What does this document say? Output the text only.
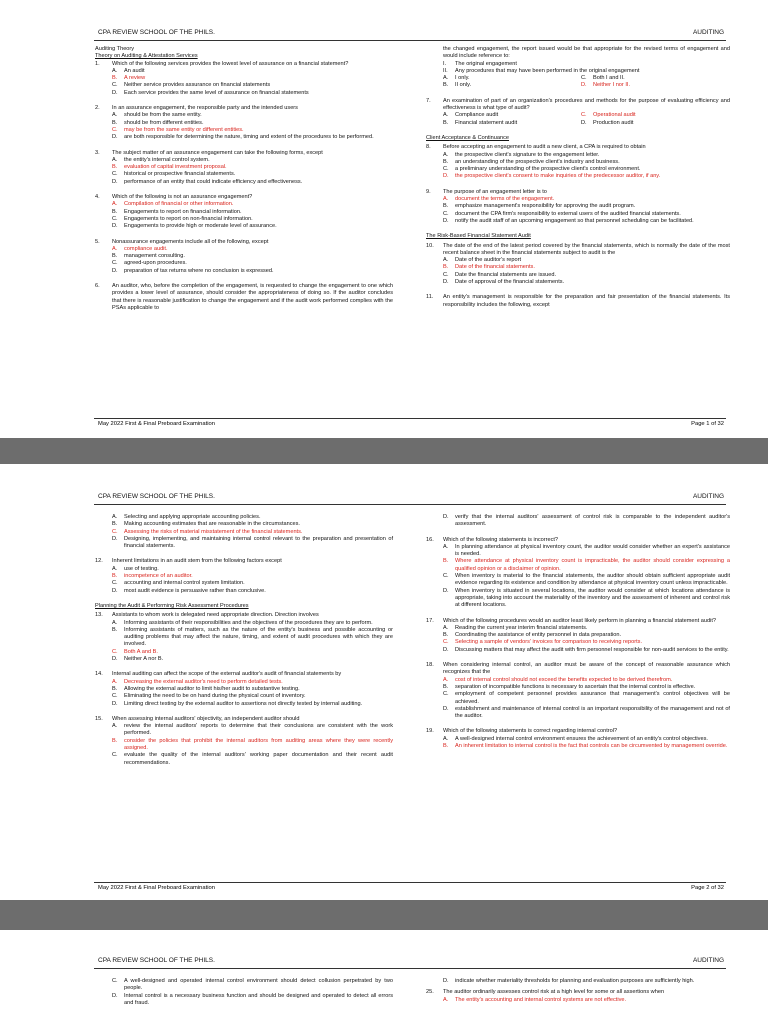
CPA REVIEW SCHOOL OF THE PHILS.	AUDITING
Auditing Theory
Theory on Auditing & Attestation Services
1.	Which of the following services provides the lowest level of assurance on a financial statement?
A.	An audit
B.	A review
C.	Neither service provides assurance on financial statements
D.	Each service provides the same level of assurance on financial statements
2.	In an assurance engagement, the responsible party and the intended users
A.	should be from the same entity.
B.	should be from different entities.
C.	may be from the same entity or different entities.
D.	are both responsible for determining the nature, timing and extent of the procedures to be performed.
3.	The subject matter of an assurance engagement can take the following forms, except
A.	the entity's internal control system.
B.	evaluation of capital investment proposal.
C.	historical or prospective financial statements.
D.	performance of an entity that could indicate efficiency and effectiveness.
4.	Which of the following is not an assurance engagement?
A.	Compilation of financial or other information.
B.	Engagements to report on financial information.
C.	Engagements to report on non-financial information.
D.	Engagements to provide high or moderate level of assurance.
5.	Nonassurance engagements include all of the following, except
A.	compliance audit.
B.	management consulting.
C.	agreed-upon procedures.
D.	preparation of tax returns where no conclusion is expressed.
6.	An auditor, who, before the completion of the engagement, is requested to change the engagement to one which provides a lower level of assurance, should consider the appropriateness of doing so. If the auditor concludes that there is reasonable justification to change the engagement and if the audit work performed complies with the PSAs applicable to
the changed engagement, the report issued would be that appropriate for the revised terms of engagement and would include reference to:
I.	The original engagement
II.	Any procedures that may have been performed in the original engagement
A.	I only.	C.	Both I and II.
B.	II only.	D.	Neither I nor II.
7.	An examination of part of an organization's procedures and methods for the purpose of evaluating efficiency and effectiveness is what type of audit?
A.	Compliance audit	C.	Operational audit
B.	Financial statement audit	D.	Production audit
Client Acceptance & Continuance
8.	Before accepting an engagement to audit a new client, a CPA is required to obtain
A.	the prospective client's signature to the engagement letter.
B.	an understanding of the prospective client's industry and business.
C.	a preliminary understanding of the prospective client's control environment.
D.	the prospective client's consent to make inquiries of the predecessor auditor, if any.
9.	The purpose of an engagement letter is to
A.	document the terms of the engagement.
B.	emphasize management's responsibility for approving the audit program.
C.	document the CPA firm's responsibility to external users of the audited financial statements.
D.	notify the audit staff of an upcoming engagement so that personnel scheduling can be facilitated.
The Risk-Based Financial Statement Audit
10.	The date of the end of the latest period covered by the financial statements, which is normally the date of the most recent balance sheet in the financial statements subject to audit is the
A.	Date of the auditor's report
B.	Date of the financial statements.
C.	Date the financial statements are issued.
D.	Date of approval of the financial statements.
11.	An entity's management is responsible for the preparation and fair presentation of the financial statements. Its responsibility includes the following, except
May 2022 First & Final Preboard Examination	Page 1 of 32
CPA REVIEW SCHOOL OF THE PHILS.	AUDITING
A.	Selecting and applying appropriate accounting policies.
B.	Making accounting estimates that are reasonable in the circumstances.
C.	Assessing the risks of material misstatement of the financial statements.
D.	Designing, implementing, and maintaining internal control relevant to the preparation and presentation of financial statements.
12.	Inherent limitations in an audit stem from the following factors except
A.	use of testing.
B.	incompetence of an auditor.
C.	accounting and internal control system limitation.
D.	most audit evidence is persuasive rather than conclusive.
Planning the Audit & Performing Risk Assessment Procedures
13.	Assistants to whom work is delegated need appropriate direction. Direction involves
A.	Informing assistants of their responsibilities and the objectives of the procedures they are to perform.
B.	Informing assistants of matters, such as the nature of the entity's business and possible accounting or auditing problems that may affect the nature, timing, and extent of audit procedures with which they are involved.
C.	Both A and B.
D.	Neither A nor B.
14.	Internal auditing can affect the scope of the external auditor's audit of financial statements by
A.	Decreasing the external auditor's need to perform detailed tests.
B.	Allowing the external auditor to limit his/her audit to substantive testing.
C.	Eliminating the need to be on hand during the physical count of inventory.
D.	Limiting direct testing by the external auditor to assertions not directly tested by internal auditing.
15.	When assessing internal auditors' objectivity, an independent auditor should
A.	review the internal auditors' reports to determine that their conclusions are consistent with the work performed.
B.	consider the policies that prohibit the internal auditors from auditing areas where they were recently assigned.
C.	evaluate the quality of the internal auditors' working paper documentation and their recent audit recommendations.
D.	verify that the internal auditors' assessment of control risk is comparable to the independent auditor's assessment.
16.	Which of the following statements is incorrect?
A.	In planning attendance at physical inventory count, the auditor would consider whether an expert's assistance is needed.
B.	Where attendance at physical inventory count is impracticable, the auditor should consider expressing a qualified opinion or a disclaimer of opinion.
C.	When inventory is material to the financial statements, the auditor should obtain sufficient appropriate audit evidence regarding its existence and condition by attendance at physical inventory count unless impracticable.
D.	When inventory is situated in several locations, the auditor would consider at which locations attendance is appropriate, taking into account the materiality of the inventory and the assessment of inherent and control risk at different locations.
17.	Which of the following procedures would an auditor least likely perform in planning a financial statement audit?
A.	Reading the current year interim financial statements.
B.	Coordinating the assistance of entity personnel in data preparation.
C.	Selecting a sample of vendors' invoices for comparison to receiving reports.
D.	Discussing matters that may affect the audit with firm personnel responsible for non-audit services to the entity.
18.	When considering internal control, an auditor must be aware of the concept of reasonable assurance which recognizes that the
A.	cost of internal control should not exceed the benefits expected to be derived therefrom.
B.	separation of incompatible functions is necessary to ascertain that the internal control is effective.
C.	employment of competent personnel provides assurance that management's control objectives will be achieved.
D.	establishment and maintenance of internal control is an important responsibility of the management and not of the auditor.
19.	Which of the following statements is correct regarding internal control?
A.	A well-designed internal control environment ensures the achievement of an entity's control objectives.
B.	An inherent limitation to internal control is the fact that controls can be circumvented by management override.
May 2022 First & Final Preboard Examination	Page 2 of 32
CPA REVIEW SCHOOL OF THE PHILS.	AUDITING
C.	A well-designed and operated internal control environment should detect collusion perpetrated by two people.
D.	Internal control is a necessary business function and should be designed and operated to detect all errors and fraud.
D.	indicate whether materiality thresholds for planning and evaluation purposes are sufficiently high.
25.	The auditor ordinarily assesses control risk at a high level for some or all assertions when
A.	The entity's accounting and internal control systems are not effective.
